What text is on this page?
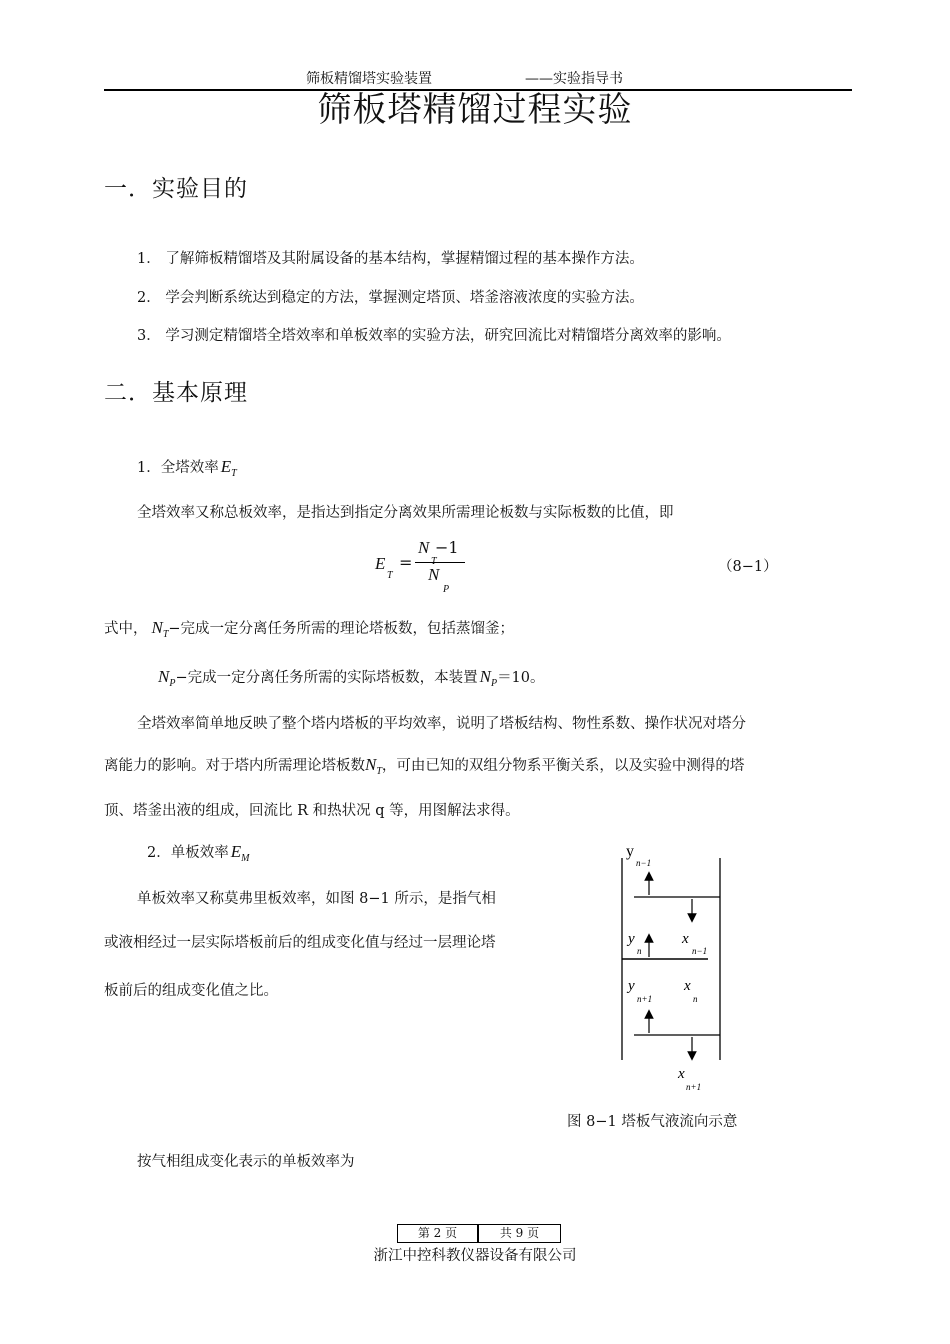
筛板精馏塔实验装置	——实验指导书
筛板塔精馏过程实验
一．实验目的
1． 了解筛板精馏塔及其附属设备的基本结构，掌握精馏过程的基本操作方法。
2． 学会判断系统达到稳定的方法，掌握测定塔顶、塔釜溶液浓度的实验方法。
3． 学习测定精馏塔全塔效率和单板效率的实验方法，研究回流比对精馏塔分离效率的影响。
二．基本原理
1．全塔效率 $E_T$
全塔效率又称总板效率，是指达到指定分离效果所需理论板数与实际板数的比值，即
E
T
=
N −1
N
P
（8−1）
式中， $N_T-$完成一定分离任务所需的理论塔板数，包括蒸馏釜；
$N_P-$完成一定分离任务所需的实际塔板数，本装置 $N_P=10$。
全塔效率简单地反映了整个塔内塔板的平均效率，说明了塔板结构、物性系数、操作状况对塔分
离能力的影响。对于塔内所需理论塔板数$N_T$，可由已知的双组分物系平衡关系，以及实验中测得的塔
顶、塔釜出液的组成，回流比 R 和热状况 q 等，用图解法求得。
2．单板效率 $E_M$
单板效率又称莫弗里板效率，如图 8−1 所示，是指气相
或液相经过一层实际塔板前后的组成变化值与经过一层理论塔
板前后的组成变化值之比。
y
n−1
y
n
x
n−1
y
n+1
x
n
x
n+1
图 8−1 塔板气液流向示意
按气相组成变化表示的单板效率为
第 2 页	共 9 页
浙江中控科教仪器设备有限公司
